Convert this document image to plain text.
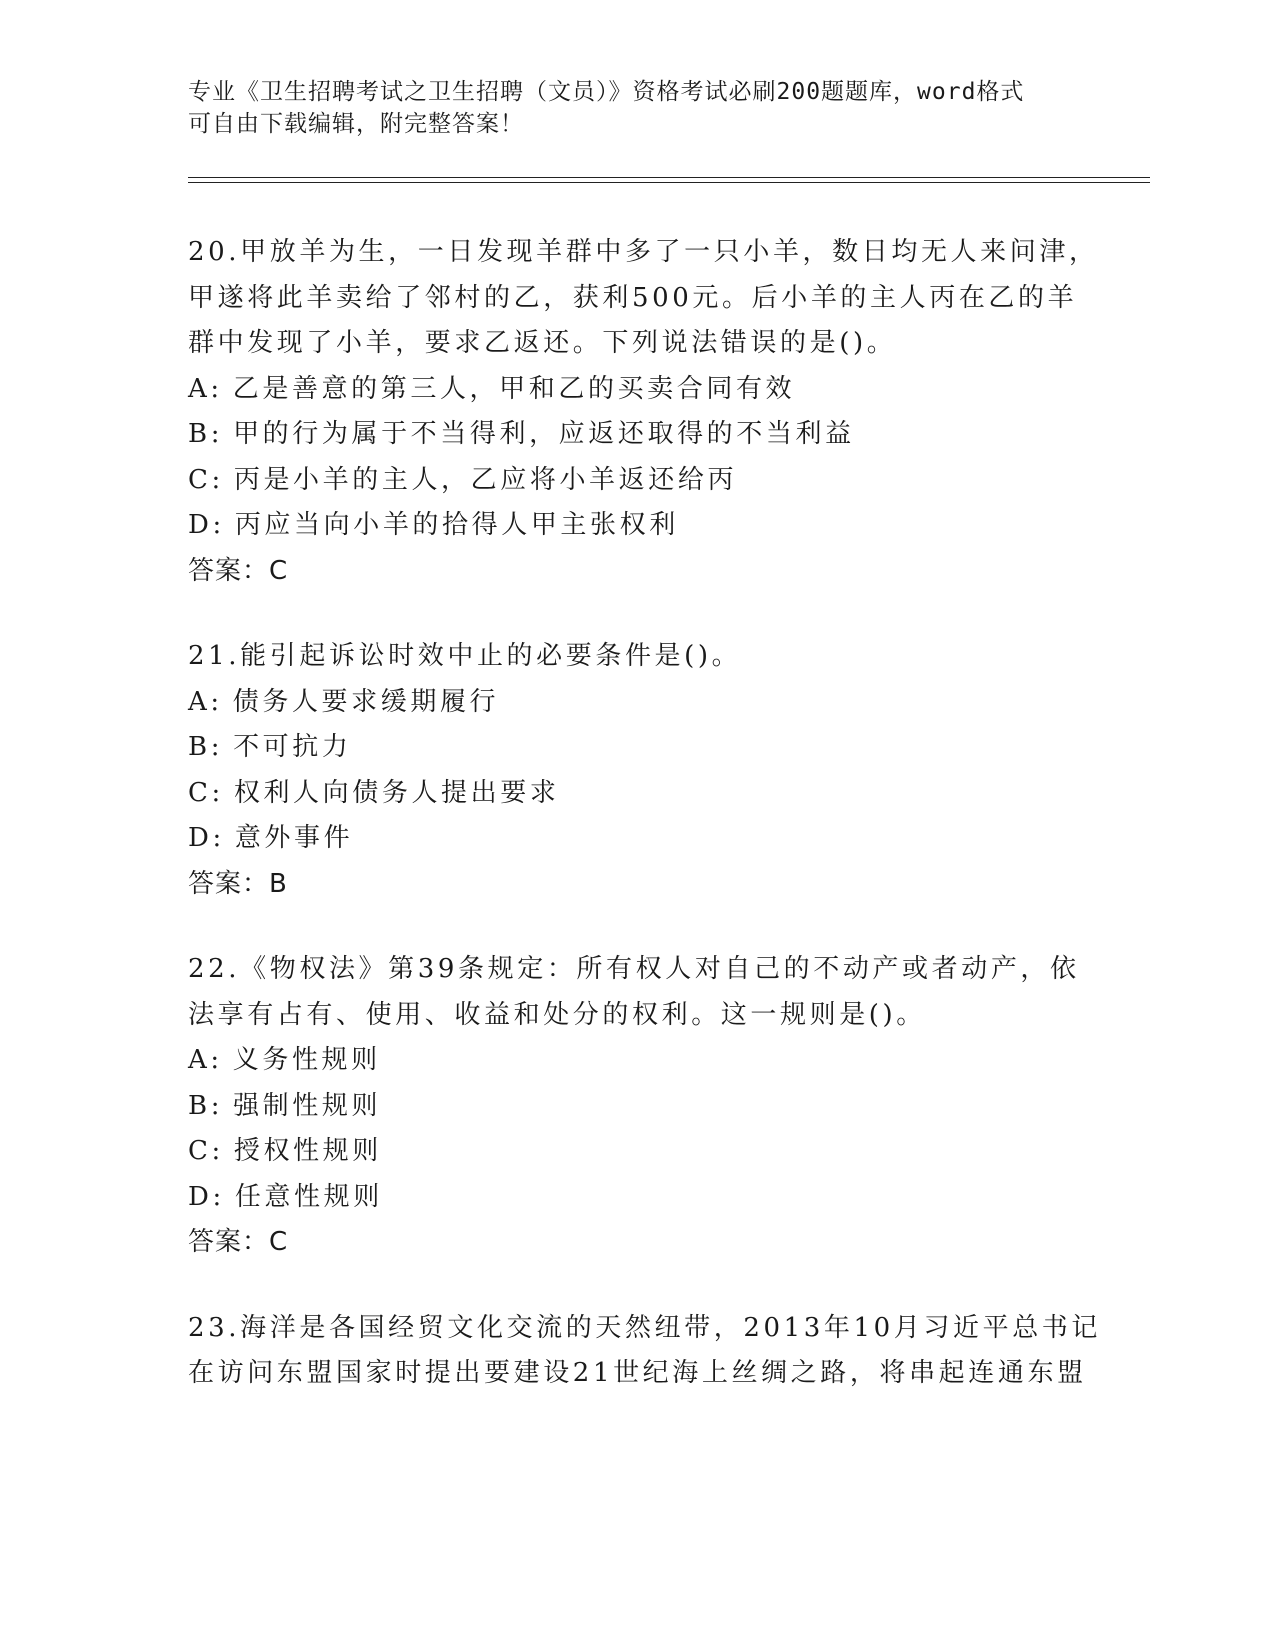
专业《卫生招聘考试之卫生招聘（文员）》资格考试必刷200题题库，word格式
可自由下载编辑，附完整答案！
20.甲放羊为生，一日发现羊群中多了一只小羊，数日均无人来问津，
甲遂将此羊卖给了邻村的乙，获利500元。后小羊的主人丙在乙的羊
群中发现了小羊，要求乙返还。下列说法错误的是()。
A: 乙是善意的第三人，甲和乙的买卖合同有效
B: 甲的行为属于不当得利，应返还取得的不当利益
C: 丙是小羊的主人，乙应将小羊返还给丙
D: 丙应当向小羊的拾得人甲主张权利
答案：C
21.能引起诉讼时效中止的必要条件是()。
A: 债务人要求缓期履行
B: 不可抗力
C: 权利人向债务人提出要求
D: 意外事件
答案：B
22.《物权法》第39条规定：所有权人对自己的不动产或者动产，依
法享有占有、使用、收益和处分的权利。这一规则是()。
A: 义务性规则
B: 强制性规则
C: 授权性规则
D: 任意性规则
答案：C
23.海洋是各国经贸文化交流的天然纽带，2013年10月习近平总书记
在访问东盟国家时提出要建设21世纪海上丝绸之路，将串起连通东盟
